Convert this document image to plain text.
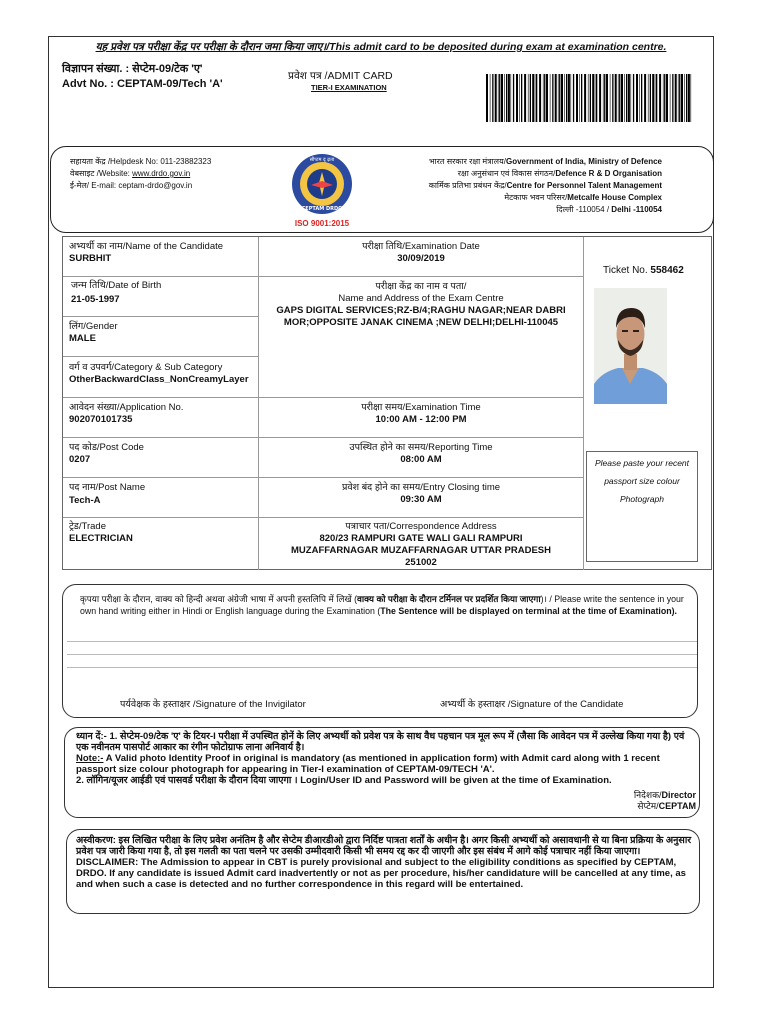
यह प्रवेश पत्र परीक्षा केंद्र पर परीक्षा के दौरान जमा किया जाए।/This admit card to be deposited during exam at examination centre.
विज्ञापन संख्या. : सेप्टेम-09/टेक 'ए'
Advt No. : CEPTAM-09/Tech 'A'
प्रवेश पत्र /ADMIT CARD
TIER-I EXAMINATION
सहायता केंद्र /Helpdesk No: 011-23882323
वेबसाइट /Website: www.drdo.gov.in
ई-मेल/ E-mail: ceptam-drdo@gov.in
सीप्टम दृ ढ़ता
CEPTAM DRDO
ISO 9001:2015
भारत सरकार रक्षा मंत्रालय/Government of India, Ministry of Defence
रक्षा अनुसंधान एवं विकास संगठन/Defence R & D Organisation
कार्मिक प्रतिभा प्रबंधन केंद्र/Centre for Personnel Talent Management
मेटकाफ भवन परिसर/Metcalfe House Complex
दिल्ली -110054 / Delhi -110054
अभ्यर्थी का नाम/Name of the Candidate
SURBHIT
जन्म तिथि/Date of Birth
21-05-1997
लिंग/Gender
MALE
वर्ग व उपवर्ग/Category & Sub Category
OtherBackwardClass_NonCreamyLayer
आवेदन संख्या/Application No.
902070101735
पद कोड/Post Code
0207
पद नाम/Post Name
Tech-A
ट्रेड/Trade
ELECTRICIAN
परीक्षा तिथि/Examination Date
30/09/2019
परीक्षा केंद्र का नाम व पता/
Name and Address of the Exam Centre
GAPS DIGITAL SERVICES;RZ-B/4;RAGHU NAGAR;NEAR DABRI MOR;OPPOSITE JANAK CINEMA ;NEW DELHI;DELHI-110045
परीक्षा समय/Examination Time
10:00 AM - 12:00 PM
उपस्थित होने का समय/Reporting Time
08:00 AM
प्रवेश बंद होने का समय/Entry Closing time
09:30 AM
पत्राचार पता/Correspondence Address
820/23 RAMPURI GATE WALI GALI RAMPURI MUZAFFARNAGAR MUZAFFARNAGAR UTTAR PRADESH 251002
Ticket No. 558462
Please paste your recent passport size colour Photograph
कृपया परीक्षा के दौरान, वाक्य को हिन्दी अथवा अंग्रेजी भाषा में अपनी हस्तलिपि में लिखें (वाक्य को परीक्षा के दौरान टर्मिनल पर प्रदर्शित किया जाएगा)। / Please write the sentence in your own hand writing either in Hindi or English language during the Examination (The Sentence will be displayed on terminal at the time of Examination).
पर्यवेक्षक के हस्ताक्षर /Signature of the Invigilator	अभ्यर्थी के हस्ताक्षर /Signature of the Candidate
ध्यान दें:- 1. सेप्टेम-09/टेक 'ए' के टियर-I परीक्षा में उपस्थित होनें के लिए अभ्यर्थी को प्रवेश पत्र के साथ वैध पहचान पत्र मूल रूप में (जैसा कि आवेदन पत्र में उल्लेख किया गया है) एवं एक नवीनतम पासपोर्ट आकार का रंगीन फोटोग्राफ लाना अनिवार्य है।
Note:- A Valid photo Identity Proof in original is mandatory (as mentioned in application form) with Admit card along with 1 recent passport size colour photograph for appearing in Tier-I examination of CEPTAM-09/TECH 'A'.
2. लॉगिन/यूजर आईडी एवं पासवर्ड परीक्षा के दौरान दिया जाएगा । Login/User ID and Password will be given at the time of Examination.
निदेशक/Director
सेप्टेम/CEPTAM
अस्वीकरण: इस लिखित परीक्षा के लिए प्रवेश अनंतिम है और सेप्टेम डीआरडीओ द्वारा निर्दिष्ट पात्रता शर्तों के अधीन है। अगर किसी अभ्यर्थी को असावधानी से या बिना प्रक्रिया के अनुसार प्रवेश पत्र जारी किया गया है, तो इस गलती का पता चलने पर उसकी उम्मीदवारी किसी भी समय रद्द कर दी जाएगी और इस संबंध में आगे कोई पत्राचार नहीं किया जाएगा।
DISCLAIMER: The Admission to appear in CBT is purely provisional and subject to the eligibility conditions as specified by CEPTAM, DRDO. If any candidate is issued Admit card inadvertently or not as per procedure, his/her candidature will be cancelled at any time, as and when such a case is detected and no further correspondence in this regard will be entertained.
